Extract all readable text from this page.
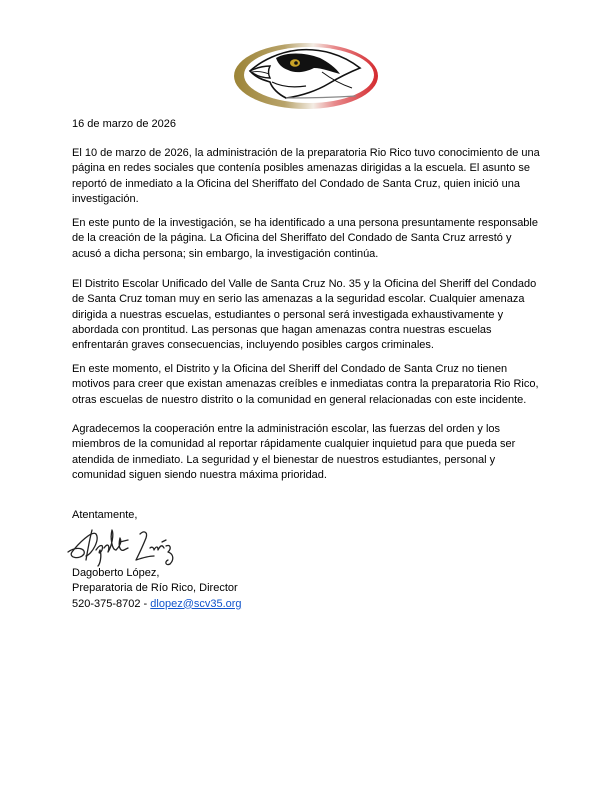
16 de marzo de 2026
El 10 de marzo de 2026, la administración de la preparatoria Rio Rico tuvo conocimiento de una página en redes sociales que contenía posibles amenazas dirigidas a la escuela. El asunto se reportó de inmediato a la Oficina del Sheriffato del Condado de Santa Cruz, quien inició una investigación.
En este punto de la investigación, se ha identificado a una persona presuntamente responsable de la creación de la página. La Oficina del Sheriffato del Condado de Santa Cruz arrestó y acusó a dicha persona; sin embargo, la investigación continúa.
El Distrito Escolar Unificado del Valle de Santa Cruz No. 35 y la Oficina del Sheriff del Condado de Santa Cruz toman muy en serio las amenazas a la seguridad escolar. Cualquier amenaza dirigida a nuestras escuelas, estudiantes o personal será investigada exhaustivamente y abordada con prontitud. Las personas que hagan amenazas contra nuestras escuelas enfrentarán graves consecuencias, incluyendo posibles cargos criminales.
En este momento, el Distrito y la Oficina del Sheriff del Condado de Santa Cruz no tienen motivos para creer que existan amenazas creíbles e inmediatas contra la preparatoria Rio Rico, otras escuelas de nuestro distrito o la comunidad en general relacionadas con este incidente.
Agradecemos la cooperación entre la administración escolar, las fuerzas del orden y los miembros de la comunidad al reportar rápidamente cualquier inquietud para que pueda ser atendida de inmediato. La seguridad y el bienestar de nuestros estudiantes, personal y comunidad siguen siendo nuestra máxima prioridad.
Atentamente,
Dagoberto López,
Preparatoria de Río Rico, Director
520-375-8702 - dlopez@scv35.org
